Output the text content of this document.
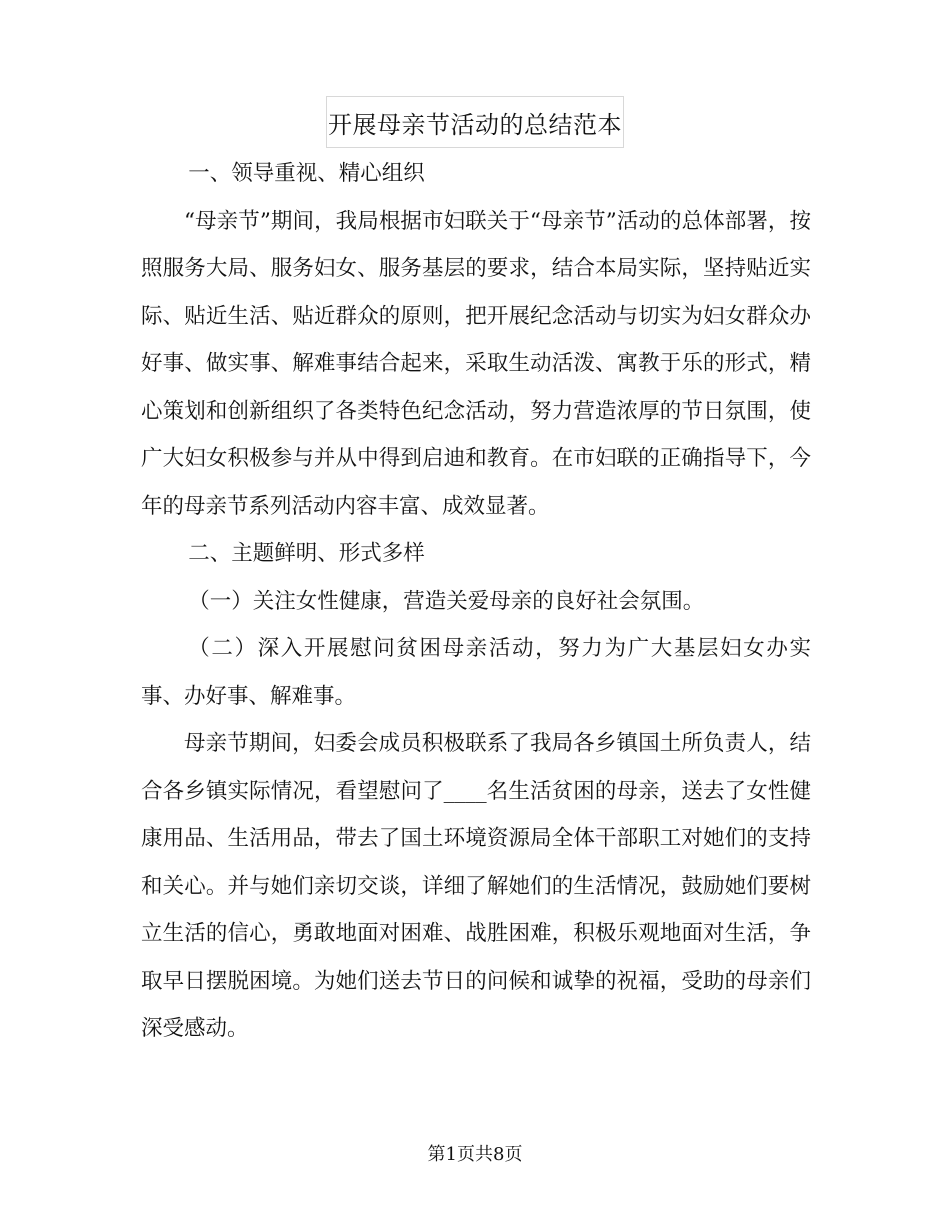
开展母亲节活动的总结范本

一、领导重视、精心组织

“母亲节”期间，我局根据市妇联关于“母亲节”活动的总体部署，按照服务大局、服务妇女、服务基层的要求，结合本局实际，坚持贴近实际、贴近生活、贴近群众的原则，把开展纪念活动与切实为妇女群众办好事、做实事、解难事结合起来，采取生动活泼、寓教于乐的形式，精心策划和创新组织了各类特色纪念活动，努力营造浓厚的节日氛围，使广大妇女积极参与并从中得到启迪和教育。在市妇联的正确指导下，今年的母亲节系列活动内容丰富、成效显著。

二、主题鲜明、形式多样

（一）关注女性健康，营造关爱母亲的良好社会氛围。

（二）深入开展慰问贫困母亲活动，努力为广大基层妇女办实事、办好事、解难事。

母亲节期间，妇委会成员积极联系了我局各乡镇国土所负责人，结合各乡镇实际情况，看望慰问了____名生活贫困的母亲，送去了女性健康用品、生活用品，带去了国土环境资源局全体干部职工对她们的支持和关心。并与她们亲切交谈，详细了解她们的生活情况，鼓励她们要树立生活的信心，勇敢地面对困难、战胜困难，积极乐观地面对生活，争取早日摆脱困境。为她们送去节日的问候和诚挚的祝福，受助的母亲们深受感动。

第1页共8页
